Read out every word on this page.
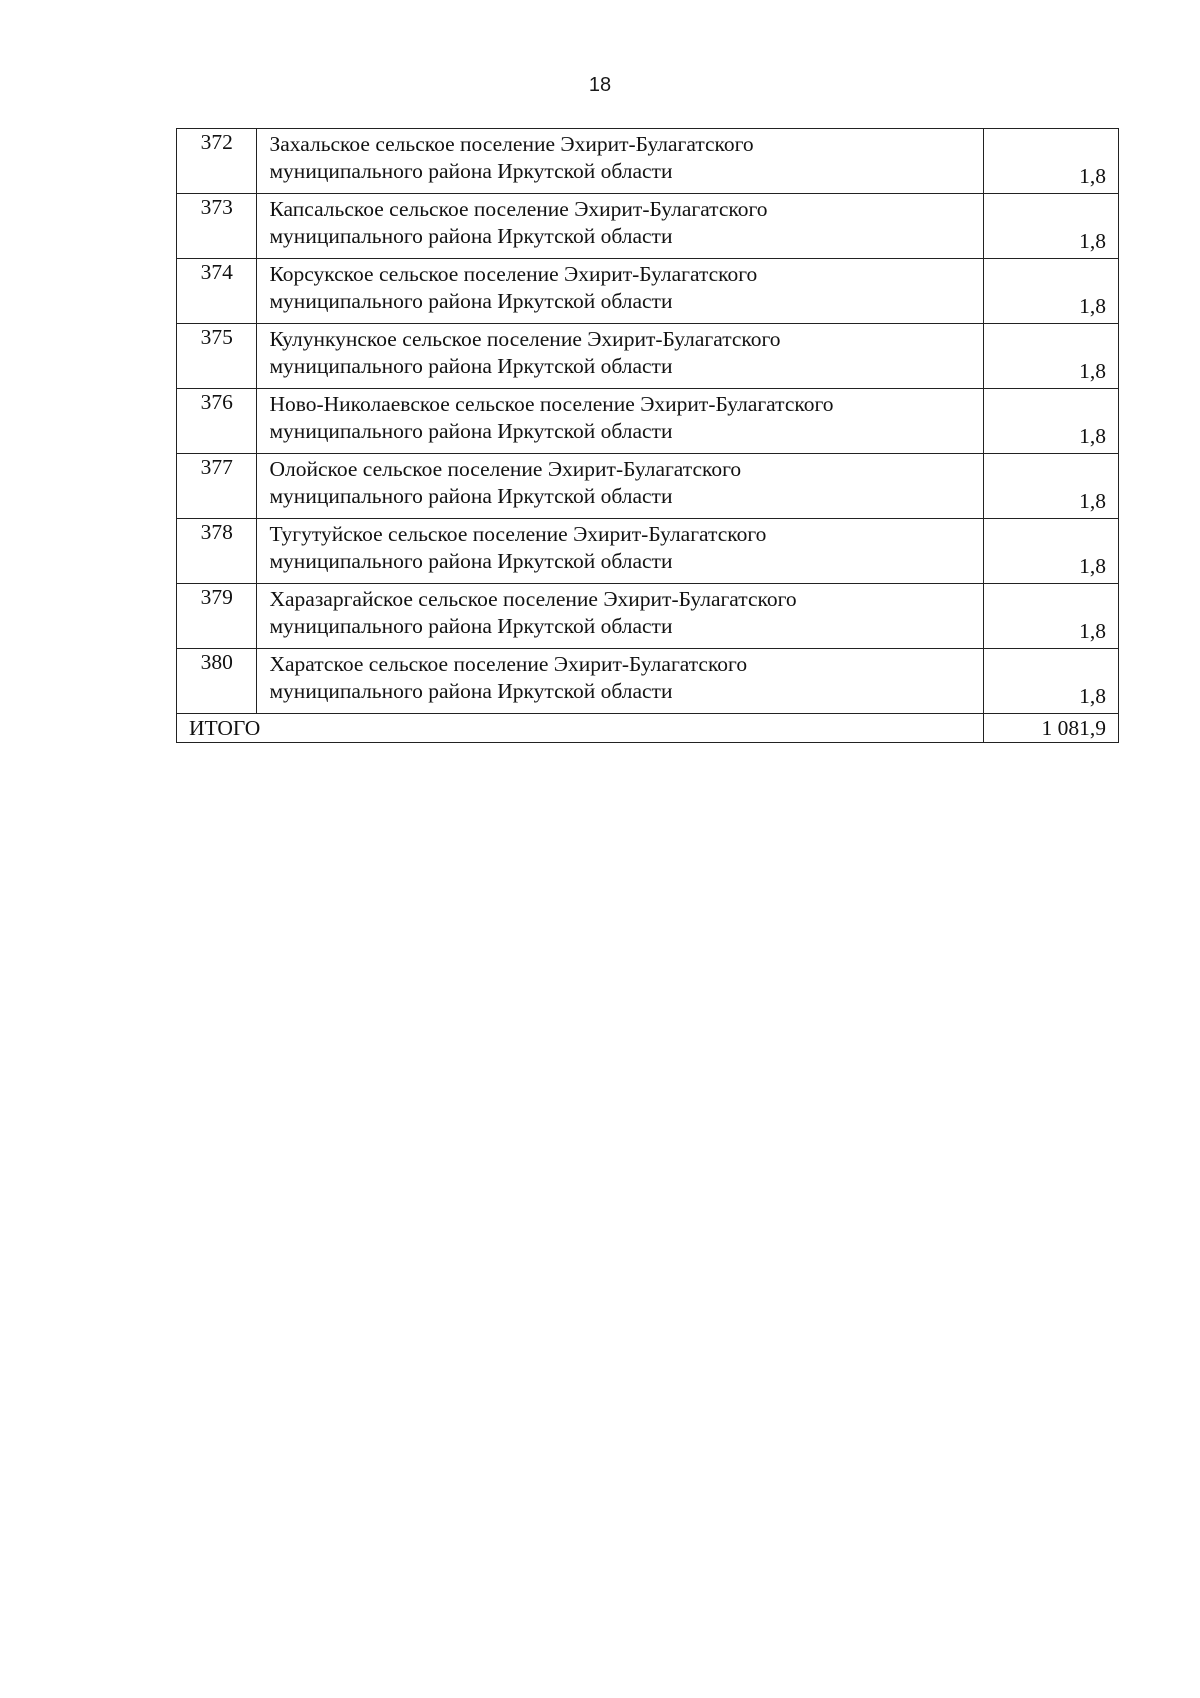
18
372	Захальское сельское поселение Эхирит-Булагатского
муниципального района Иркутской области	1,8
373	Капсальское сельское поселение Эхирит-Булагатского
муниципального района Иркутской области	1,8
374	Корсукское сельское поселение Эхирит-Булагатского
муниципального района Иркутской области	1,8
375	Кулункунское сельское поселение Эхирит-Булагатского
муниципального района Иркутской области	1,8
376	Ново-Николаевское сельское поселение Эхирит-Булагатского
муниципального района Иркутской области	1,8
377	Олойское сельское поселение Эхирит-Булагатского
муниципального района Иркутской области	1,8
378	Тугутуйское сельское поселение Эхирит-Булагатского
муниципального района Иркутской области	1,8
379	Харазаргайское сельское поселение Эхирит-Булагатского
муниципального района Иркутской области	1,8
380	Харатское сельское поселение Эхирит-Булагатского
муниципального района Иркутской области	1,8
ИТОГО		1 081,9
